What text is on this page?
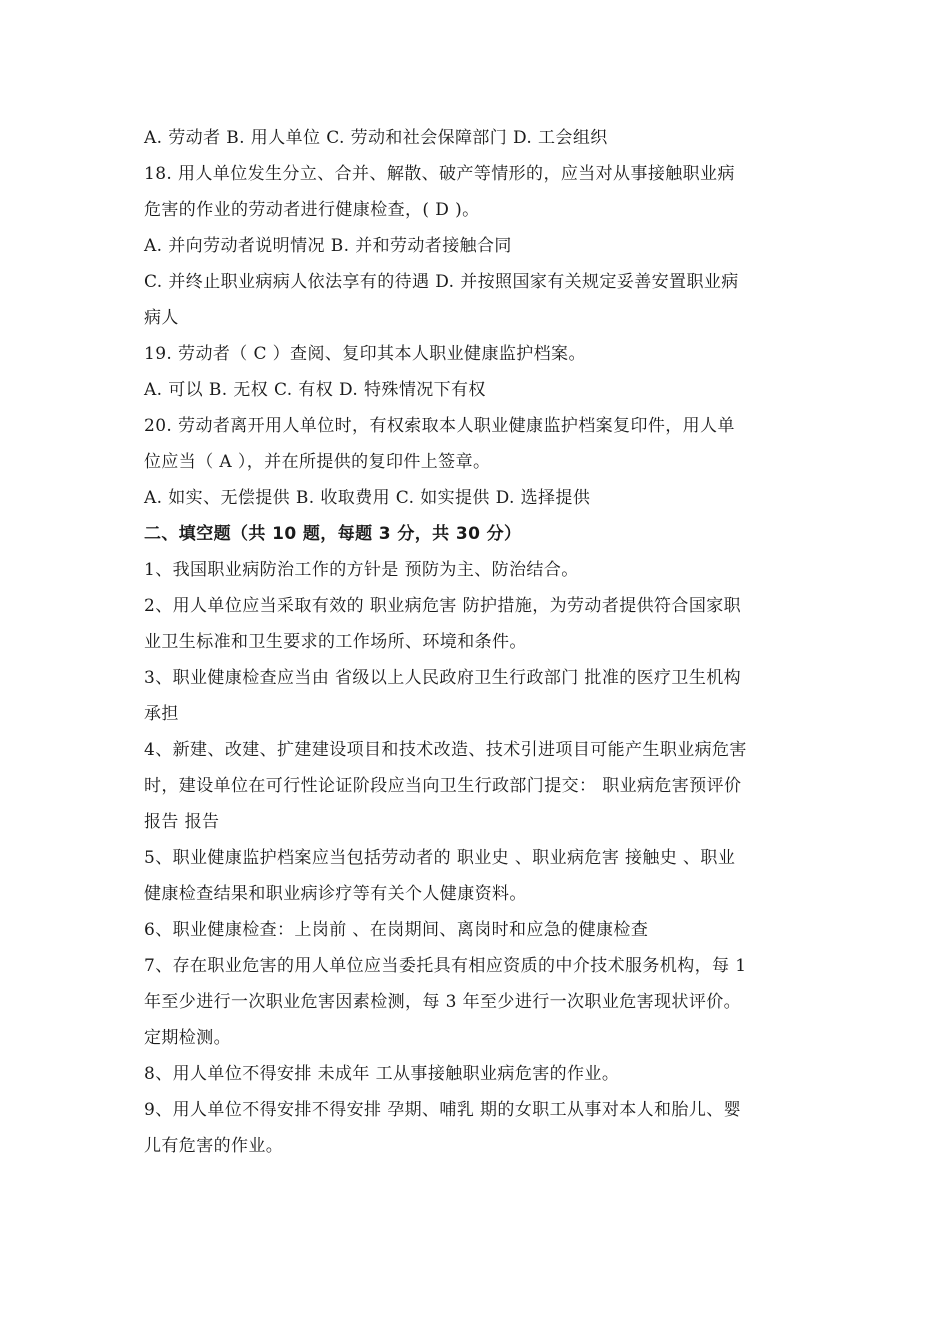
A. 劳动者 B. 用人单位 C. 劳动和社会保障部门 D. 工会组织
18. 用人单位发生分立、合并、解散、破产等情形的，应当对从事接触职业病
危害的作业的劳动者进行健康检查，( D )。
A. 并向劳动者说明情况 B. 并和劳动者接触合同
C. 并终止职业病病人依法享有的待遇 D. 并按照国家有关规定妥善安置职业病
病人
19. 劳动者（ C ）查阅、复印其本人职业健康监护档案。
A. 可以 B. 无权 C. 有权 D. 特殊情况下有权
20. 劳动者离开用人单位时，有权索取本人职业健康监护档案复印件，用人单
位应当（ A ），并在所提供的复印件上签章。
A. 如实、无偿提供 B. 收取费用 C. 如实提供 D. 选择提供
二、填空题（共 10 题，每题 3 分，共 30 分）
1、我国职业病防治工作的方针是 预防为主、防治结合。
2、用人单位应当采取有效的 职业病危害 防护措施，为劳动者提供符合国家职
业卫生标准和卫生要求的工作场所、环境和条件。
3、职业健康检查应当由 省级以上人民政府卫生行政部门 批准的医疗卫生机构
承担
4、新建、改建、扩建建设项目和技术改造、技术引进项目可能产生职业病危害
时，建设单位在可行性论证阶段应当向卫生行政部门提交： 职业病危害预评价
报告 报告
5、职业健康监护档案应当包括劳动者的 职业史 、职业病危害 接触史 、职业
健康检查结果和职业病诊疗等有关个人健康资料。
6、职业健康检查：上岗前 、在岗期间、离岗时和应急的健康检查
7、存在职业危害的用人单位应当委托具有相应资质的中介技术服务机构，每 1
年至少进行一次职业危害因素检测，每 3 年至少进行一次职业危害现状评价。
定期检测。
8、用人单位不得安排 未成年 工从事接触职业病危害的作业。
9、用人单位不得安排不得安排 孕期、哺乳 期的女职工从事对本人和胎儿、婴
儿有危害的作业。
